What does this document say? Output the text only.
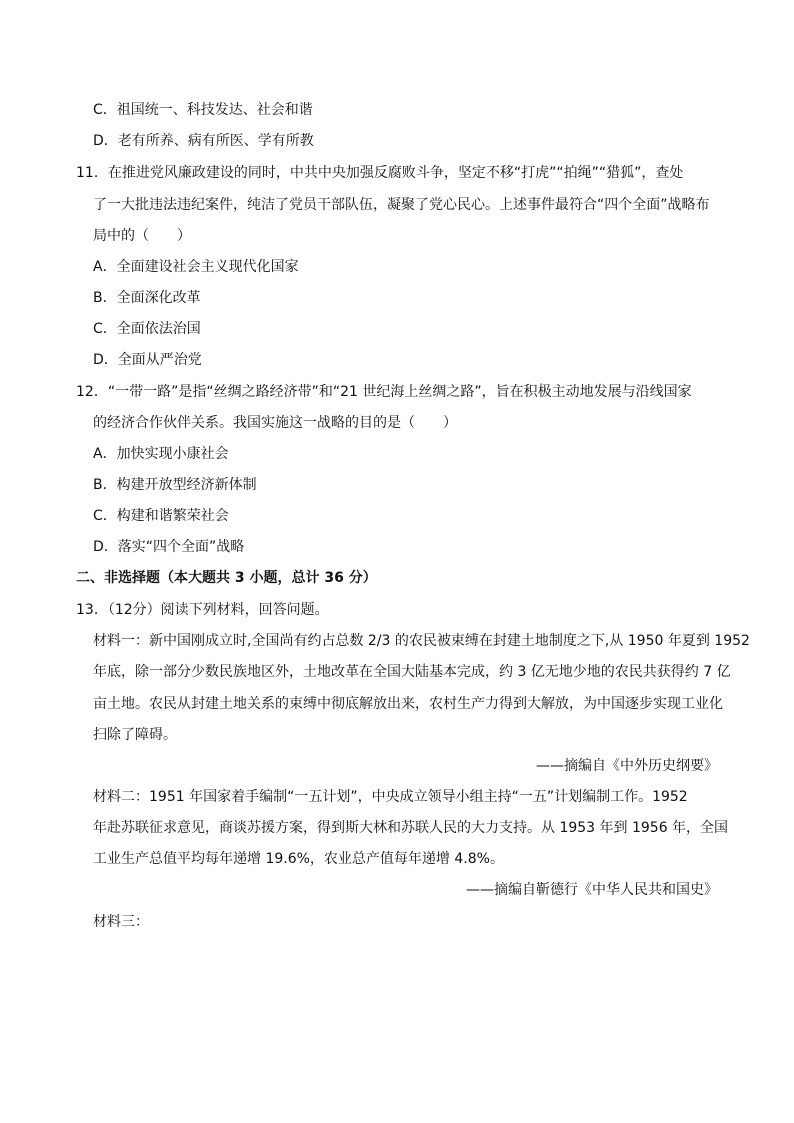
C．祖国统一、科技发达、社会和谐
D．老有所养、病有所医、学有所教
11．在推进党风廉政建设的同时，中共中央加强反腐败斗争，坚定不移“打虎”“拍绳”“猎狐”，查处
了一大批违法违纪案件，纯洁了党员干部队伍，凝聚了党心民心。上述事件最符合“四个全面”战略布
局中的（　　）
A．全面建设社会主义现代化国家
B．全面深化改革
C．全面依法治国
D．全面从严治党
12．“一带一路”是指“丝绸之路经济带”和“21 世纪海上丝绸之路”，旨在积极主动地发展与沿线国家
的经济合作伙伴关系。我国实施这一战略的目的是（　　）
A．加快实现小康社会
B．构建开放型经济新体制
C．构建和谐繁荣社会
D．落实“四个全面”战略
二、非选择题（本大题共 3 小题，总计 36 分）
13．（12分）阅读下列材料，回答问题。
材料一：新中国刚成立时,全国尚有约占总数 2/3 的农民被束缚在封建土地制度之下,从 1950 年夏到 1952
年底，除一部分少数民族地区外，土地改革在全国大陆基本完成，约 3 亿无地少地的农民共获得约 7 亿
亩土地。农民从封建土地关系的束缚中彻底解放出来，农村生产力得到大解放，为中国逐步实现工业化
扫除了障碍。
——摘编自《中外历史纲要》
材料二：1951 年国家着手编制“一五计划”，中央成立领导小组主持“一五”计划编制工作。1952
年赴苏联征求意见，商谈苏援方案，得到斯大林和苏联人民的大力支持。从 1953 年到 1956 年，全国
工业生产总值平均每年递增 19.6%，农业总产值每年递增 4.8%。
——摘编自靳德行《中华人民共和国史》
材料三：
